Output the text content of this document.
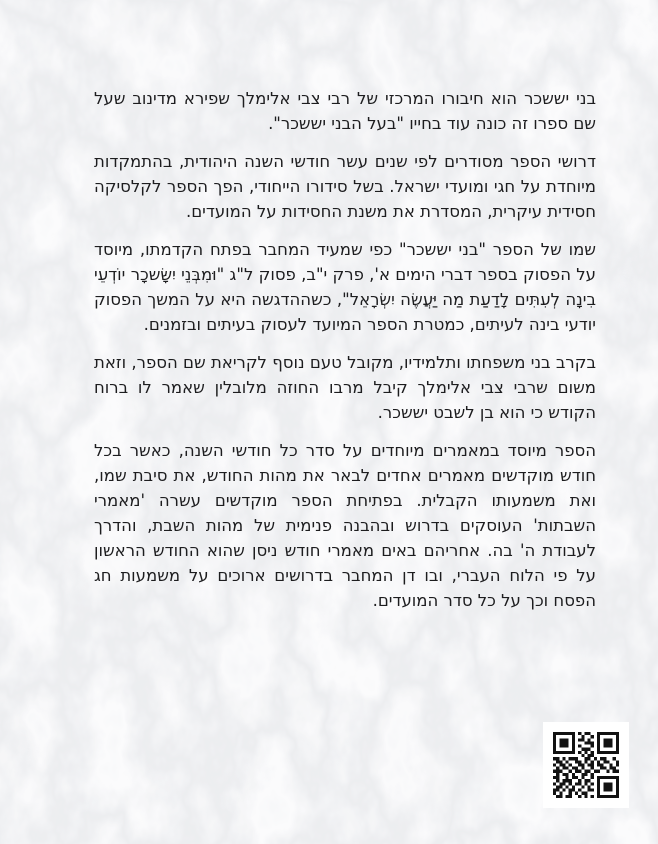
בני יששכר הוא חיבורו המרכזי של רבי צבי אלימלך שפירא מדינוב שעל שם ספרו זה כונה עוד בחייו "בעל הבני יששכר".

דרושי הספר מסודרים לפי שנים עשר חודשי השנה היהודית, בהתמקדות מיוחדת על חגי ומועדי ישראל. בשל סידורו הייחודי, הפך הספר לקלסיקה חסידית עיקרית, המסדרת את משנת החסידות על המועדים.

שמו של הספר "בני יששכר" כפי שמעיד המחבר בפתח הקדמתו, מיוסד על הפסוק בספר דברי הימים א', פרק י"ב, פסוק ל"ג "וּמִבְּנֵי יִשָּׂשכָר יוֹדְעֵי בִינָה לְעִתִּים לָדַעַת מַה יַּעֲשֶׂה יִשְׂרָאֵל", כשההדגשה היא על המשך הפסוק יודעי בינה לעיתים, כמטרת הספר המיועד לעסוק בעיתים ובזמנים.

בקרב בני משפחתו ותלמידיו, מקובל טעם נוסף לקריאת שם הספר, וזאת משום שרבי צבי אלימלך קיבל מרבו החוזה מלובלין שאמר לו ברוח הקודש כי הוא בן לשבט יששכר.

הספר מיוסד במאמרים מיוחדים על סדר כל חודשי השנה, כאשר בכל חודש מוקדשים מאמרים אחדים לבאר את מהות החודש, את סיבת שמו, ואת משמעותו הקבלית. בפתיחת הספר מוקדשים עשרה 'מאמרי השבתות' העוסקים בדרוש ובהבנה פנימית של מהות השבת, והדרך לעבודת ה' בה. אחריהם באים מאמרי חודש ניסן שהוא החודש הראשון על פי הלוח העברי, ובו דן המחבר בדרושים ארוכים על משמעות חג הפסח וכך על כל סדר המועדים.
